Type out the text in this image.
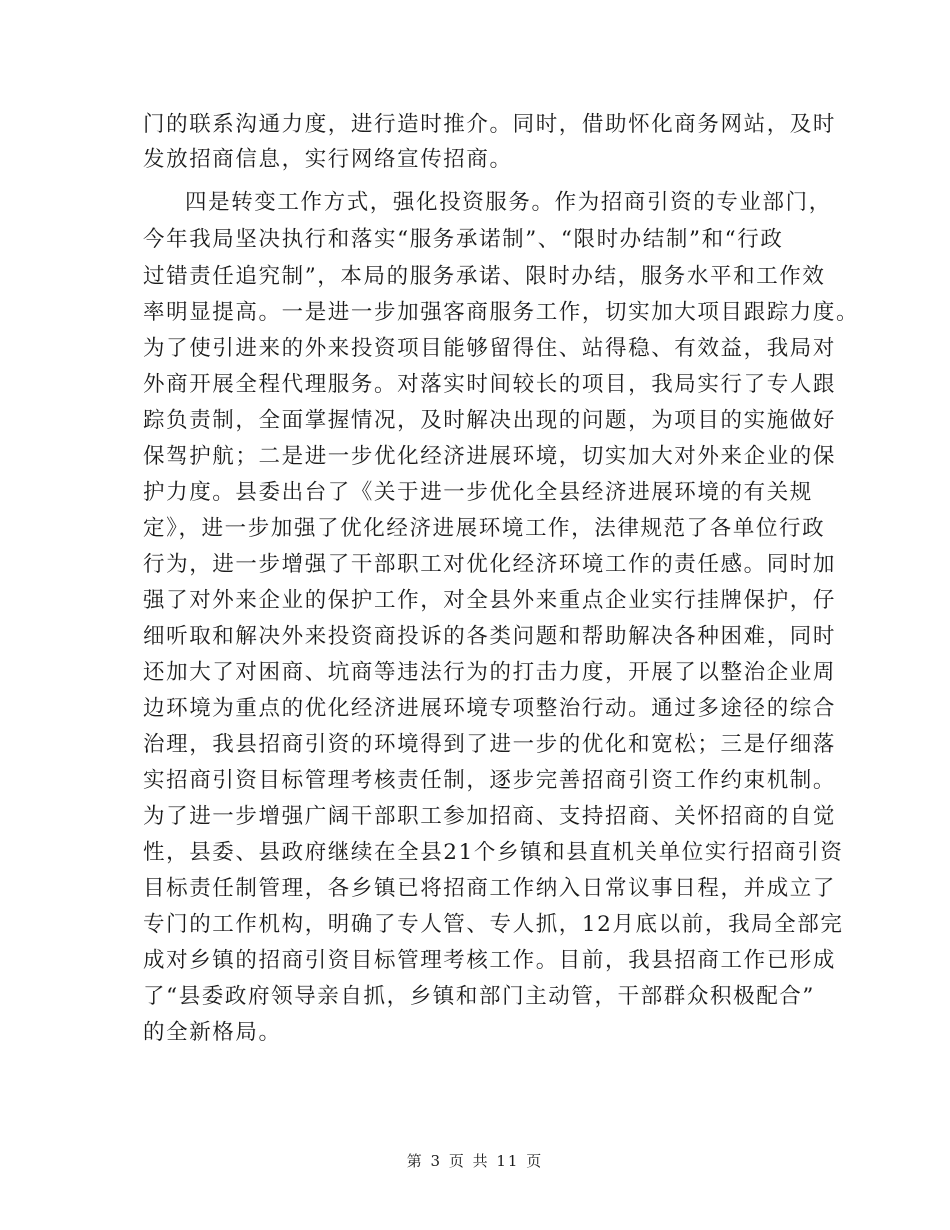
门的联系沟通力度，进行造时推介。同时，借助怀化商务网站，及时
发放招商信息，实行网络宣传招商。
四是转变工作方式，强化投资服务。作为招商引资的专业部门，
今年我局坚决执行和落实“服务承诺制”、“限时办结制”和“行政
过错责任追究制”，本局的服务承诺、限时办结，服务水平和工作效
率明显提高。一是进一步加强客商服务工作，切实加大项目跟踪力度。
为了使引进来的外来投资项目能够留得住、站得稳、有效益，我局对
外商开展全程代理服务。对落实时间较长的项目，我局实行了专人跟
踪负责制，全面掌握情况，及时解决出现的问题，为项目的实施做好
保驾护航；二是进一步优化经济进展环境，切实加大对外来企业的保
护力度。县委出台了《关于进一步优化全县经济进展环境的有关规
定》，进一步加强了优化经济进展环境工作，法律规范了各单位行政
行为，进一步增强了干部职工对优化经济环境工作的责任感。同时加
强了对外来企业的保护工作，对全县外来重点企业实行挂牌保护，仔
细听取和解决外来投资商投诉的各类问题和帮助解决各种困难，同时
还加大了对困商、坑商等违法行为的打击力度，开展了以整治企业周
边环境为重点的优化经济进展环境专项整治行动。通过多途径的综合
治理，我县招商引资的环境得到了进一步的优化和宽松；三是仔细落
实招商引资目标管理考核责任制，逐步完善招商引资工作约束机制。
为了进一步增强广阔干部职工参加招商、支持招商、关怀招商的自觉
性，县委、县政府继续在全县21个乡镇和县直机关单位实行招商引资
目标责任制管理，各乡镇已将招商工作纳入日常议事日程，并成立了
专门的工作机构，明确了专人管、专人抓，12月底以前，我局全部完
成对乡镇的招商引资目标管理考核工作。目前，我县招商工作已形成
了“县委政府领导亲自抓，乡镇和部门主动管，干部群众积极配合”
的全新格局。
第 3 页 共 11 页
